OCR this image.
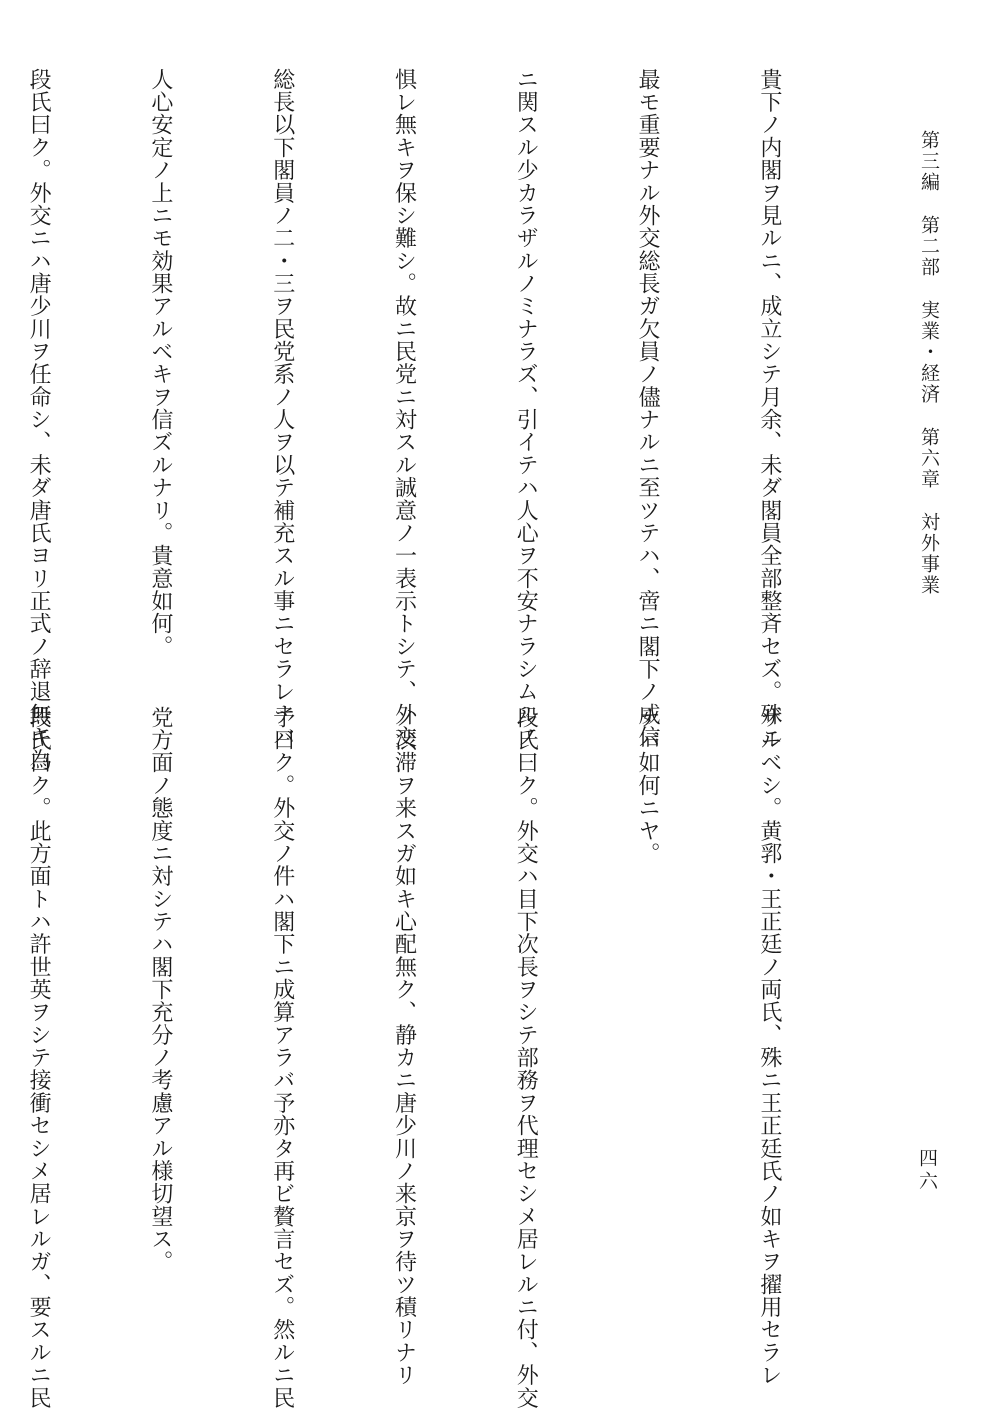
第三編 第二部 実業・経済 第六章 対外事業
四六

貴下ノ内閣ヲ見ルニ、成立シテ月余、未ダ閣員全部整斉セズ。殊ニ

最モ重要ナル外交総長ガ欠員ノ儘ナルニ至ツテハ、啻ニ閣下ノ威信

ニ関スル少カラザルノミナラズ、引イテハ人心ヲ不安ナラシムルノ

惧レ無キヲ保シ難シ。故ニ民党ニ対スル誠意ノ一表示トシテ、外交

総長以下閣員ノ二・三ヲ民党系ノ人ヲ以テ補充スル事ニセラレナバ

人心安定ノ上ニモ効果アルベキヲ信ズルナリ。貴意如何。

段氏曰ク。外交ニハ唐少川ヲ任命シ、未ダ唐氏ヨリ正式ノ辞退無キ為

ザルベシ。黄郛・王正廷ノ両氏、殊ニ王正廷氏ノ如キヲ擢用セラレ

ナバ如何ニヤ。

段氏曰ク。外交ハ目下次長ヲシテ部務ヲ代理セシメ居レルニ付、外交

ノ渋滞ヲ来スガ如キ心配無ク、静カニ唐少川ノ来京ヲ待ツ積リナリ

予曰ク。外交ノ件ハ閣下ニ成算アラバ予亦タ再ビ贅言セズ。然ルニ民

党方面ノ態度ニ対シテハ閣下充分ノ考慮アル様切望ス。

段氏曰ク。此方面トハ許世英ヲシテ接衝セシメ居レルガ、要スルニ民
